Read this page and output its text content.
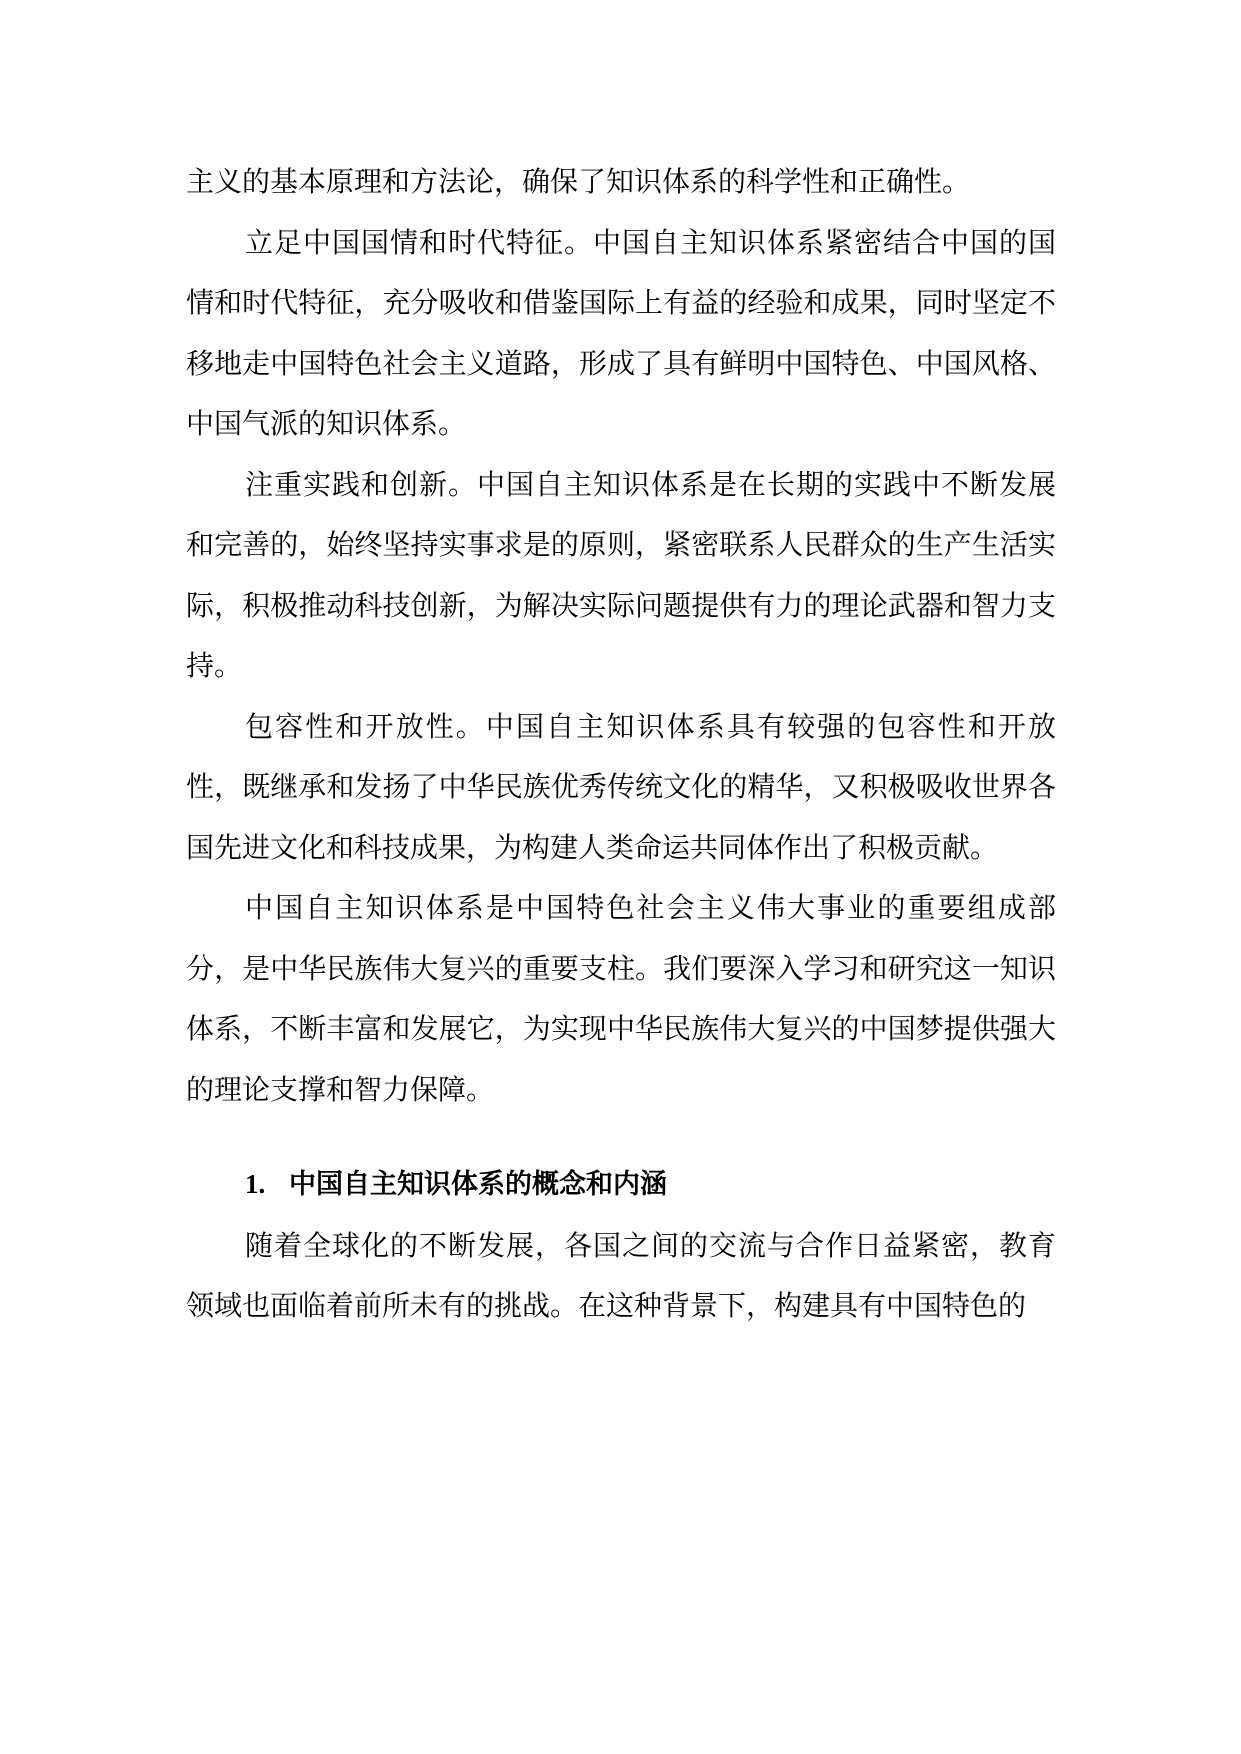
主义的基本原理和方法论，确保了知识体系的科学性和正确性。

立足中国国情和时代特征。中国自主知识体系紧密结合中国的国情和时代特征，充分吸收和借鉴国际上有益的经验和成果，同时坚定不移地走中国特色社会主义道路，形成了具有鲜明中国特色、中国风格、中国气派的知识体系。

注重实践和创新。中国自主知识体系是在长期的实践中不断发展和完善的，始终坚持实事求是的原则，紧密联系人民群众的生产生活实际，积极推动科技创新，为解决实际问题提供有力的理论武器和智力支持。

包容性和开放性。中国自主知识体系具有较强的包容性和开放性，既继承和发扬了中华民族优秀传统文化的精华，又积极吸收世界各国先进文化和科技成果，为构建人类命运共同体作出了积极贡献。

中国自主知识体系是中国特色社会主义伟大事业的重要组成部分，是中华民族伟大复兴的重要支柱。我们要深入学习和研究这一知识体系，不断丰富和发展它，为实现中华民族伟大复兴的中国梦提供强大的理论支撑和智力保障。

1. 中国自主知识体系的概念和内涵

随着全球化的不断发展，各国之间的交流与合作日益紧密，教育领域也面临着前所未有的挑战。在这种背景下，构建具有中国特色的
